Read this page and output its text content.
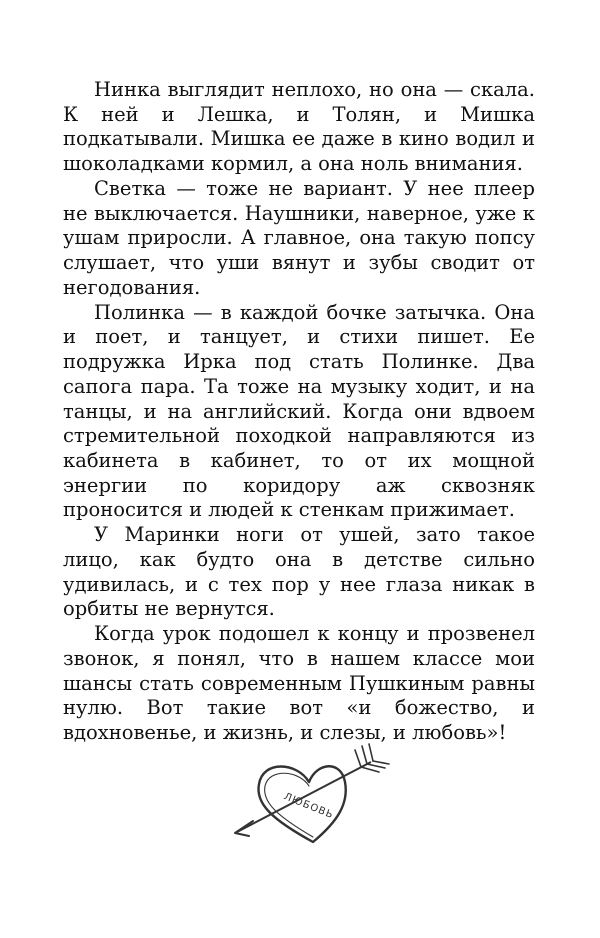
Нинка выглядит неплохо, но она — скала. К ней и Лешка, и Толян, и Мишка подкатывали. Мишка ее даже в кино водил и шоколадками кормил, а она ноль внимания.

Светка — тоже не вариант. У нее плеер не выключается. Наушники, наверное, уже к ушам приросли. А главное, она такую попсу слушает, что уши вянут и зубы сводит от негодования.

Полинка — в каждой бочке затычка. Она и поет, и танцует, и стихи пишет. Ее подружка Ирка под стать Полинке. Два сапога пара. Та тоже на музыку ходит, и на танцы, и на английский. Когда они вдвоем стремительной походкой направляются из кабинета в кабинет, то от их мощной энергии по коридору аж сквозняк проносится и людей к стенкам прижимает.

У Маринки ноги от ушей, зато такое лицо, как будто она в детстве сильно удивилась, и с тех пор у нее глаза никак в орбиты не вернутся.

Когда урок подошел к концу и прозвенел звонок, я понял, что в нашем классе мои шансы стать современным Пушкиным равны нулю. Вот такие вот «и божество, и вдохновенье, и жизнь, и слезы, и любовь»!

ЛЮБОВЬ
